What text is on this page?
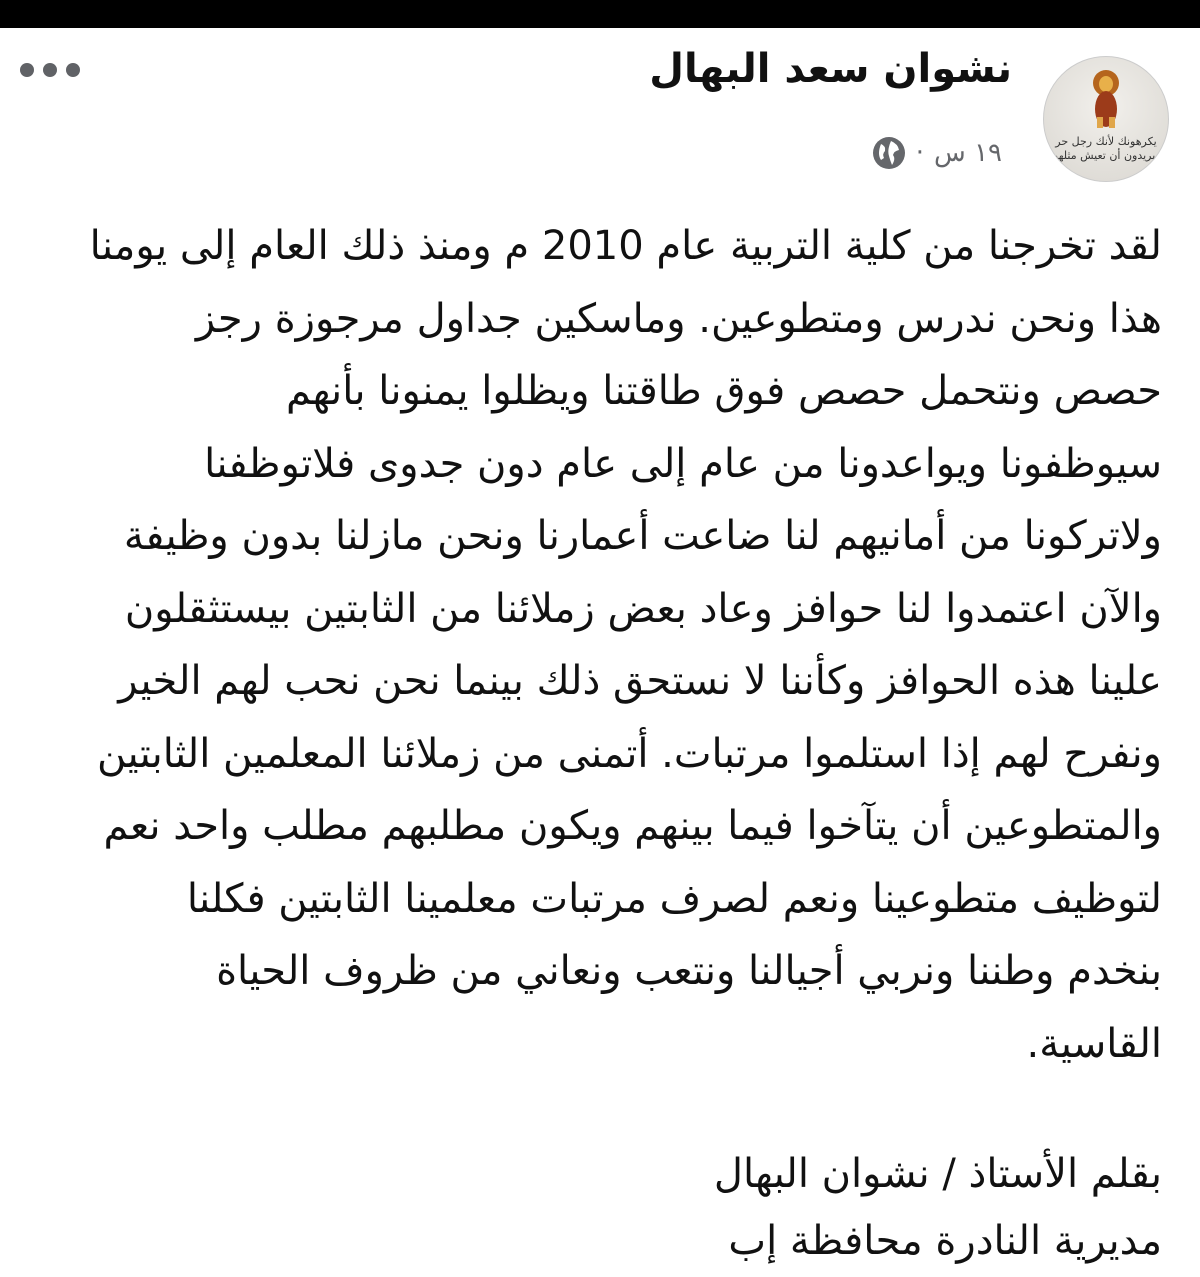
يكرهونك لأنك رجل حر
ويريدون أن تعيش مثلهم
نشوان سعد البهال
١٩ س
·
لقد تخرجنا من كلية التربية عام 2010 م ومنذ ذلك العام إلى يومنا
هذا ونحن ندرس ومتطوعين. وماسكين جداول مرجوزة رجز
حصص ونتحمل حصص فوق طاقتنا ويظلوا يمنونا بأنهم
سيوظفونا ويواعدونا من عام إلى عام دون جدوى فلاتوظفنا
ولاتركونا من أمانيهم لنا ضاعت أعمارنا ونحن مازلنا بدون وظيفة
والآن اعتمدوا لنا حوافز وعاد بعض زملائنا من الثابتين بيستثقلون
علينا هذه الحوافز وكأننا لا نستحق ذلك بينما نحن نحب لهم الخير
ونفرح لهم إذا استلموا مرتبات. أتمنى من زملائنا المعلمين الثابتين
والمتطوعين أن يتآخوا فيما بينهم ويكون مطلبهم مطلب واحد نعم
لتوظيف متطوعينا ونعم لصرف مرتبات معلمينا الثابتين فكلنا
بنخدم وطننا ونربي أجيالنا ونتعب ونعاني من ظروف الحياة
القاسية.
بقلم الأستاذ / نشوان البهال
مديرية النادرة محافظة إب
